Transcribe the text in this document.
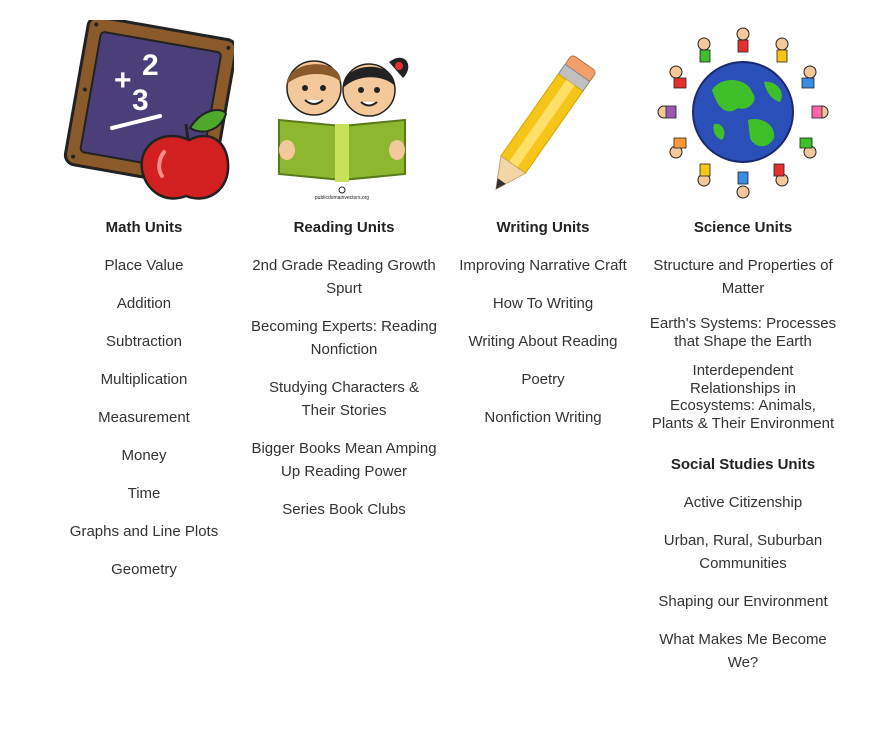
+ 2
3
Math Units
Place Value
Addition
Subtraction
Multiplication
Measurement
Money
Time
Graphs and Line Plots
Geometry
publicdomainvectors.org
Reading Units
2nd Grade Reading Growth Spurt
Becoming Experts: Reading Nonfiction
Studying Characters & Their Stories
Bigger Books Mean Amping Up Reading Power
Series Book Clubs
Writing Units
Improving Narrative Craft
How To Writing
Writing About Reading
Poetry
Nonfiction Writing
Science Units
Structure and Properties of Matter
Earth's Systems: Processes that Shape the Earth
Interdependent Relationships in Ecosystems: Animals, Plants & Their Environment
Social Studies Units
Active Citizenship
Urban, Rural, Suburban Communities
Shaping our Environment
What Makes Me Become We?
